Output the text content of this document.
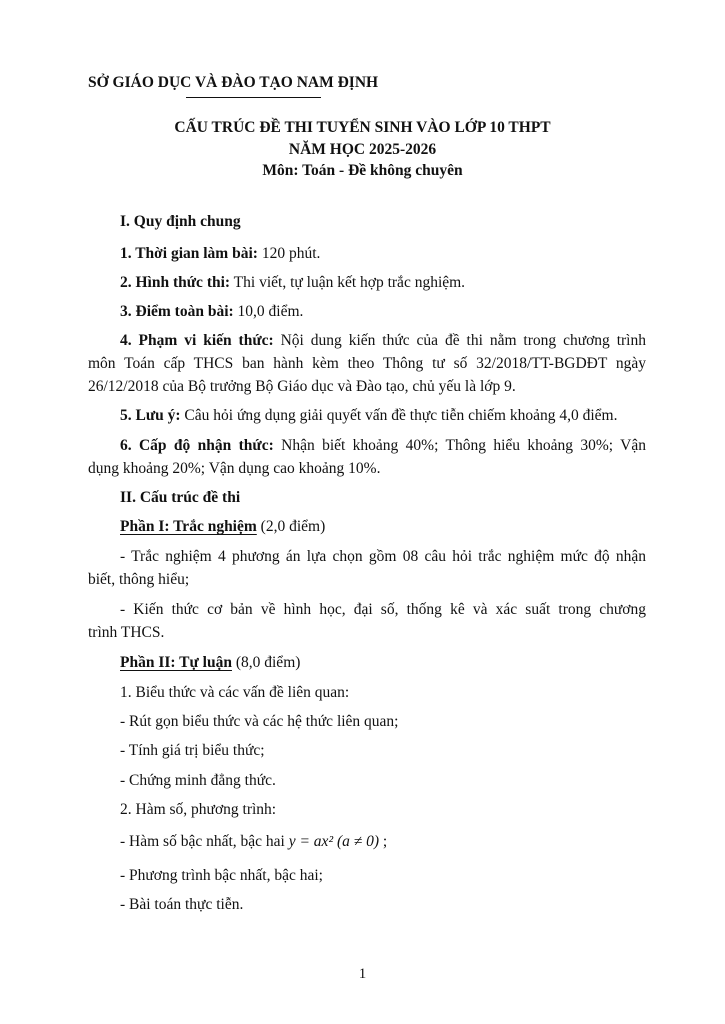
SỞ GIÁO DỤC VÀ ĐÀO TẠO NAM ĐỊNH
CẤU TRÚC ĐỀ THI TUYỂN SINH VÀO LỚP 10 THPT
NĂM HỌC 2025-2026
Môn: Toán - Đề không chuyên
I. Quy định chung
1. Thời gian làm bài: 120 phút.
2. Hình thức thi: Thi viết, tự luận kết hợp trắc nghiệm.
3. Điểm toàn bài: 10,0 điểm.
4. Phạm vi kiến thức: Nội dung kiến thức của đề thi nằm trong chương trình
môn Toán cấp THCS ban hành kèm theo Thông tư số 32/2018/TT-BGDĐT ngày
26/12/2018 của Bộ trưởng Bộ Giáo dục và Đào tạo, chủ yếu là lớp 9.
5. Lưu ý: Câu hỏi ứng dụng giải quyết vấn đề thực tiễn chiếm khoảng 4,0 điểm.
6. Cấp độ nhận thức: Nhận biết khoảng 40%; Thông hiểu khoảng 30%; Vận
dụng khoảng 20%; Vận dụng cao khoảng 10%.
II. Cấu trúc đề thi
Phần I: Trắc nghiệm (2,0 điểm)
- Trắc nghiệm 4 phương án lựa chọn gồm 08 câu hỏi trắc nghiệm mức độ nhận
biết, thông hiểu;
- Kiến thức cơ bản về hình học, đại số, thống kê và xác suất trong chương
trình THCS.
Phần II: Tự luận (8,0 điểm)
1. Biểu thức và các vấn đề liên quan:
- Rút gọn biểu thức và các hệ thức liên quan;
- Tính giá trị biểu thức;
- Chứng minh đẳng thức.
2. Hàm số, phương trình:
- Hàm số bậc nhất, bậc hai y = ax² (a ≠ 0) ;
- Phương trình bậc nhất, bậc hai;
- Bài toán thực tiễn.
1
